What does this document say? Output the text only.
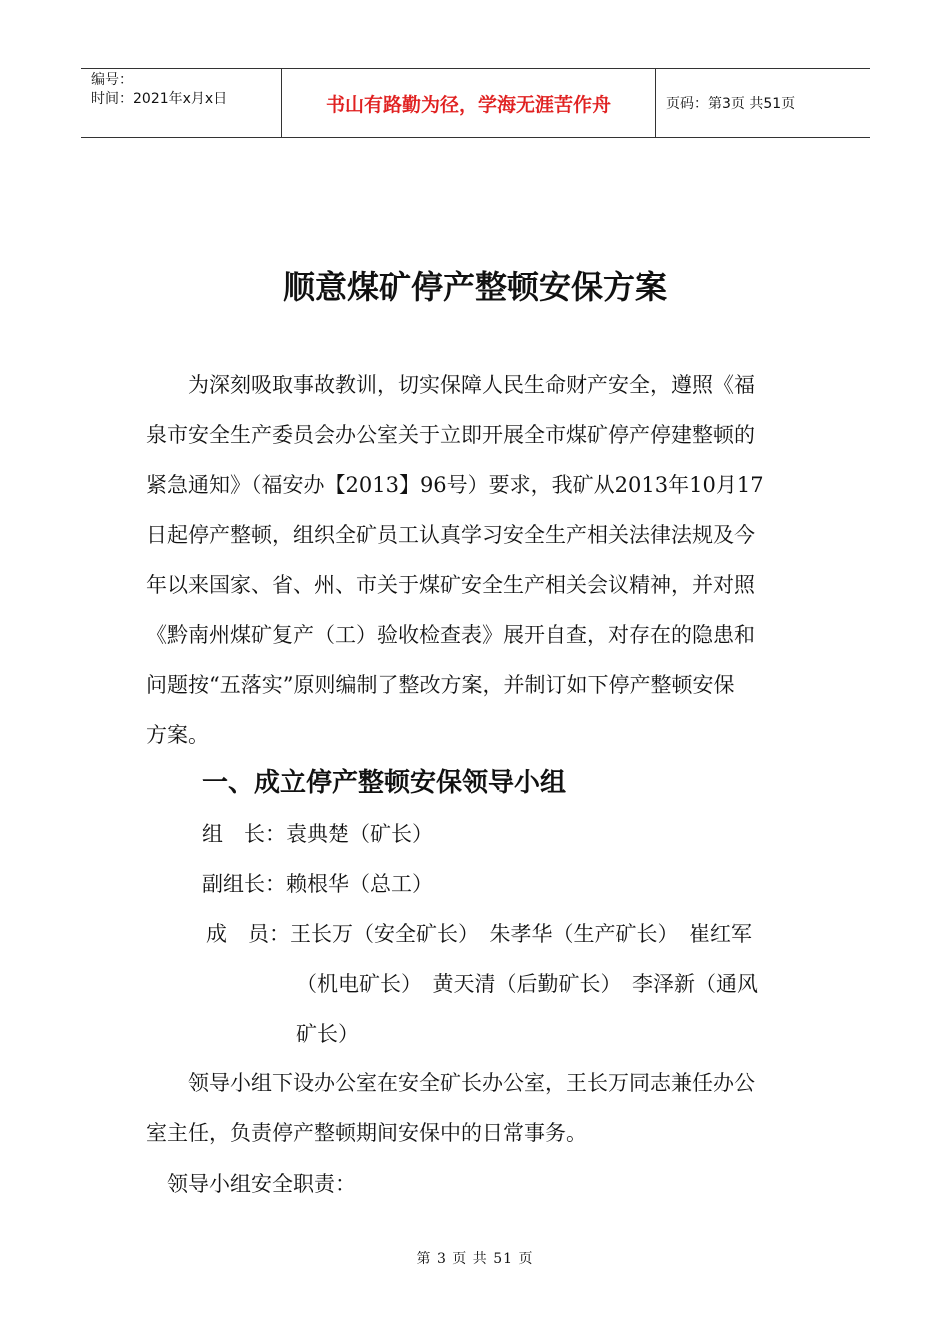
编号：
时间：2021年x月x日	书山有路勤为径，学海无涯苦作舟	页码：第3页 共51页
顺意煤矿停产整顿安保方案
为深刻吸取事故教训，切实保障人民生命财产安全，遵照《福
泉市安全生产委员会办公室关于立即开展全市煤矿停产停建整顿的
紧急通知》（福安办【2013】96号）要求，我矿从2013年10月17
日起停产整顿，组织全矿员工认真学习安全生产相关法律法规及今
年以来国家、省、州、市关于煤矿安全生产相关会议精神，并对照
《黔南州煤矿复产（工）验收检查表》展开自查，对存在的隐患和
问题按“五落实”原则编制了整改方案，并制订如下停产整顿安保
方案。
一、成立停产整顿安保领导小组
组　长：袁典楚（矿长）
副组长：赖根华（总工）
成　员：王长万（安全矿长）　朱孝华（生产矿长）　崔红军
（机电矿长）　黄天清（后勤矿长）　李泽新（通风
矿长）
领导小组下设办公室在安全矿长办公室，王长万同志兼任办公
室主任，负责停产整顿期间安保中的日常事务。
领导小组安全职责：
第 3 页 共 51 页
